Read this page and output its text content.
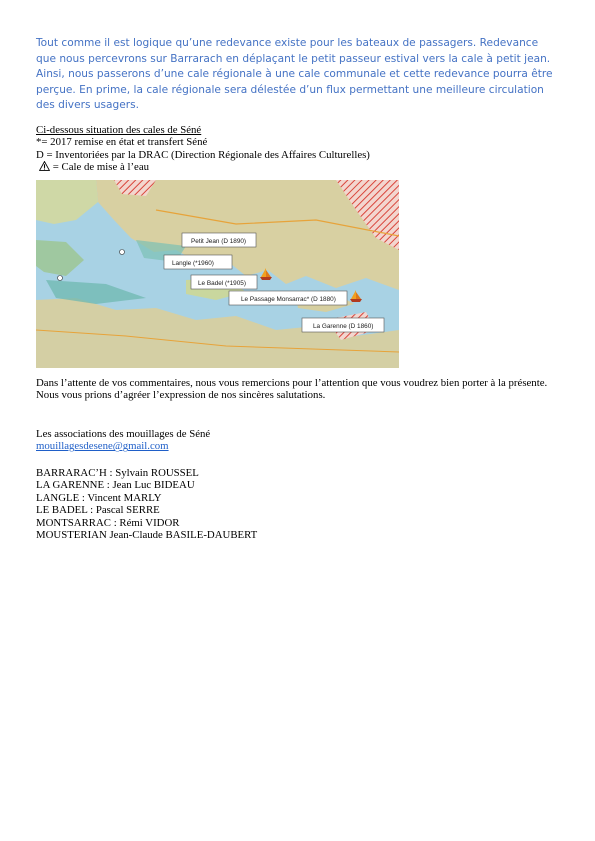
Tout comme il est logique qu’une redevance existe pour les bateaux de passagers. Redevance que nous percevrons sur Barrarach en déplaçant le petit passeur estival vers la cale à petit jean. Ainsi, nous passerons d’une cale régionale à une cale communale et cette redevance pourra être perçue. En prime, la cale régionale sera délestée d’un flux permettant une meilleure circulation des divers usagers.

Ci-dessous situation des cales de Séné
*= 2017 remise en état et transfert Séné
D = Inventoriées par la DRAC (Direction Régionale des Affaires Culturelles)
= Cale de mise à l’eau
Petit Jean (D 1890)
Langle (*1960)
Le Badel (*1905)
Le Passage Monsarrac* (D 1880)
La Garenne (D 1860)

Dans l’attente de vos commentaires, nous vous remercions pour l’attention que vous voudrez bien porter à la présente.

Nous vous prions d’agréer l’expression de nos sincères salutations.

Les associations des mouillages de Séné
mouillagesdesene@gmail.com
BARRARAC’H : Sylvain ROUSSEL
LA GARENNE : Jean Luc BIDEAU
LANGLE : Vincent MARLY
LE BADEL : Pascal SERRE
MONTSARRAC : Rémi VIDOR
MOUSTERIAN Jean-Claude BASILE-DAUBERT
